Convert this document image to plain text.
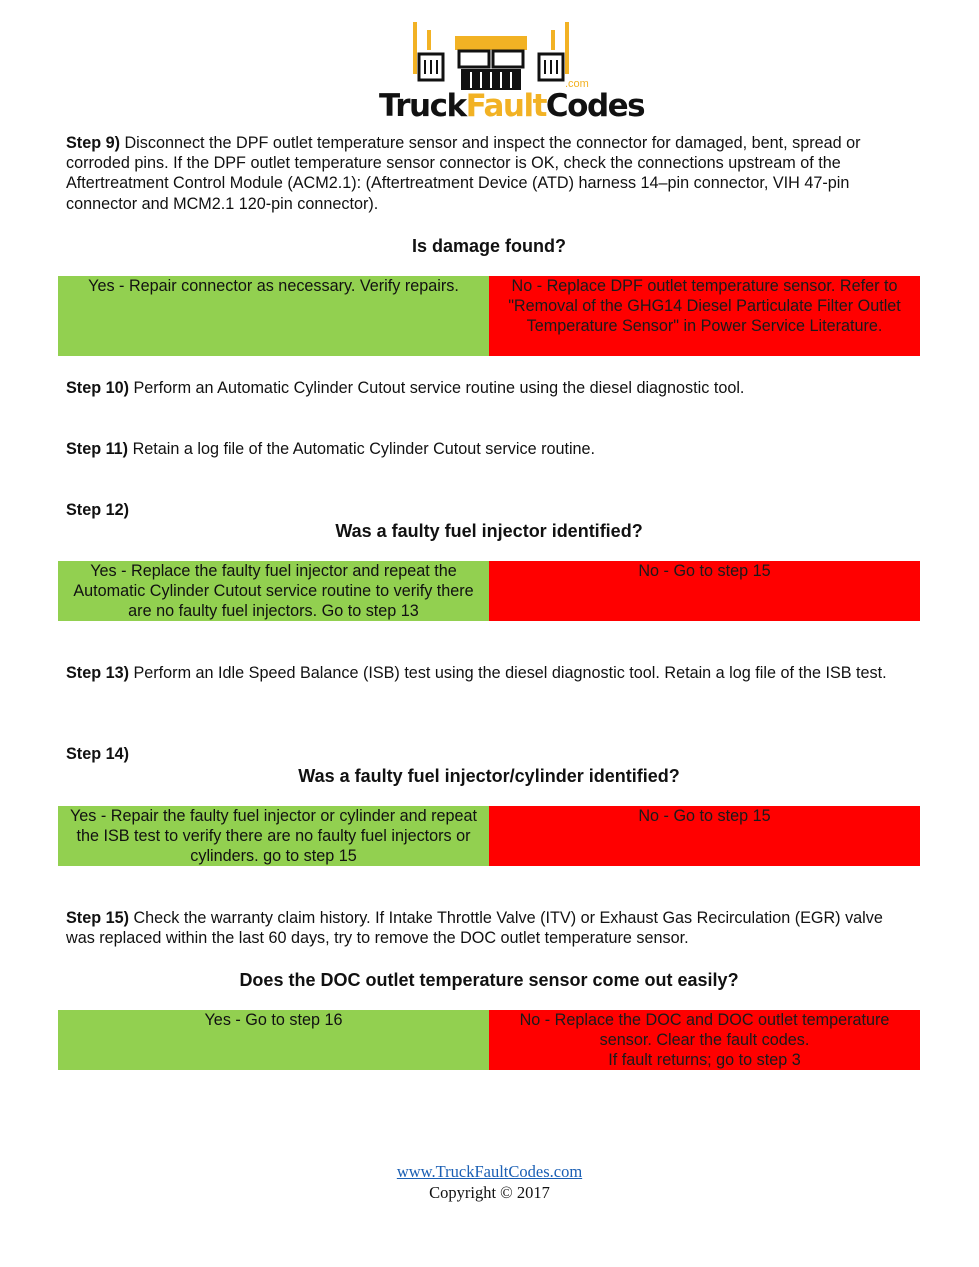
.com
TruckFaultCodes
Step 9) Disconnect the DPF outlet temperature sensor and inspect the connector for damaged, bent, spread or corroded pins. If the DPF outlet temperature sensor connector is OK, check the connections upstream of the Aftertreatment Control Module (ACM2.1): (Aftertreatment Device (ATD) harness 14–pin connector, VIH 47-pin connector and MCM2.1 120-pin connector).
Is damage found?
Yes - Repair connector as necessary. Verify repairs.	No - Replace DPF outlet temperature sensor. Refer to "Removal of the GHG14 Diesel Particulate Filter Outlet Temperature Sensor" in Power Service Literature.
Step 10) Perform an Automatic Cylinder Cutout service routine using the diesel diagnostic tool.
Step 11) Retain a log file of the Automatic Cylinder Cutout service routine.
Step 12)
Was a faulty fuel injector identified?
Yes - Replace the faulty fuel injector and repeat the Automatic Cylinder Cutout service routine to verify there are no faulty fuel injectors. Go to step 13
No - Go to step 15
Step 13) Perform an Idle Speed Balance (ISB) test using the diesel diagnostic tool. Retain a log file of the ISB test.
Step 14)
Was a faulty fuel injector/cylinder identified?
Yes - Repair the faulty fuel injector or cylinder and repeat the ISB test to verify there are no faulty fuel injectors or cylinders. go to step 15
No - Go to step 15
Step 15) Check the warranty claim history. If Intake Throttle Valve (ITV) or Exhaust Gas Recirculation (EGR) valve was replaced within the last 60 days, try to remove the DOC outlet temperature sensor.
Does the DOC outlet temperature sensor come out easily?
Yes - Go to step 16	No - Replace the DOC and DOC outlet temperature sensor. Clear the fault codes.
If fault returns; go to step 3
www.TruckFaultCodes.com
Copyright © 2017
